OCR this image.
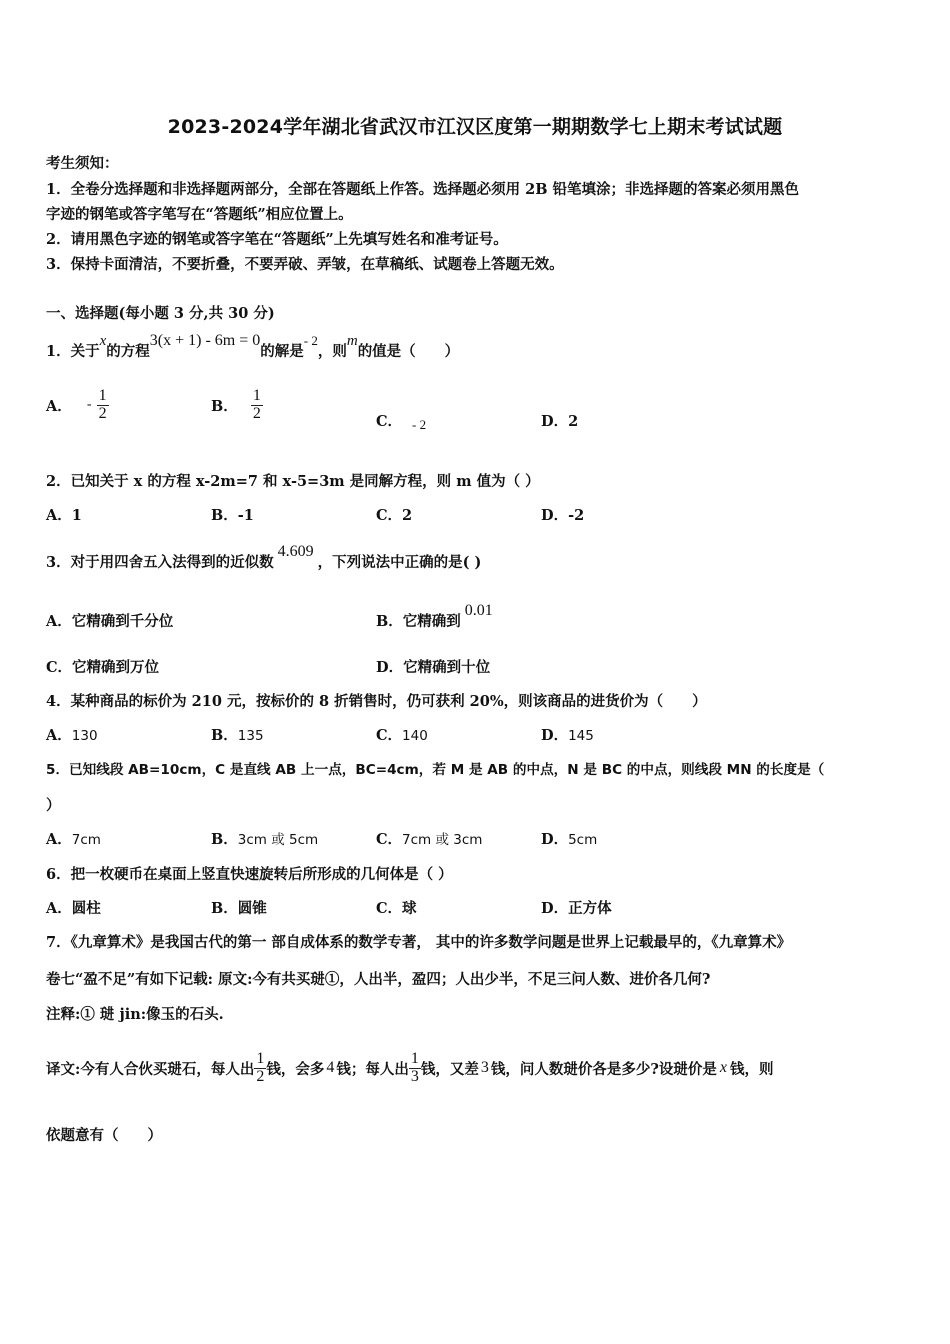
2023-2024学年湖北省武汉市江汉区度第一期期数学七上期末考试试题
考生须知：
1．全卷分选择题和非选择题两部分，全部在答题纸上作答。选择题必须用 2B 铅笔填涂；非选择题的答案必须用黑色
字迹的钢笔或答字笔写在“答题纸”相应位置上。
2．请用黑色字迹的钢笔或答字笔在“答题纸”上先填写姓名和准考证号。
3．保持卡面清洁，不要折叠，不要弄破、弄皱，在草稿纸、试题卷上答题无效。
一、选择题(每小题 3 分,共 30 分)
1．关于x的方程3(x + 1) - 6m = 0的解是- 2，则m的值是（　　）
A． - $\frac{1}{2}$	B． $\frac{1}{2}$	C． - 2	D．2
2．已知关于 x 的方程 x-2m=7 和 x-5=3m 是同解方程，则 m 值为（ ）
A．1	B．-1	C．2	D．-2
3．对于用四舍五入法得到的近似数4.609，下列说法中正确的是( )
A．它精确到千分位	B．它精确到0.01
C．它精确到万位	D．它精确到十位
4．某种商品的标价为 210 元，按标价的 8 折销售时，仍可获利 20%，则该商品的进货价为（　　）
A．130	B．135	C．140	D．145
5．已知线段 AB=10cm，C 是直线 AB 上一点，BC=4cm，若 M 是 AB 的中点，N 是 BC 的中点，则线段 MN 的长度是（
）
A．7cm	B．3cm 或 5cm	C．7cm 或 3cm	D．5cm
6．把一枚硬币在桌面上竖直快速旋转后所形成的几何体是（ ）
A．圆柱	B．圆锥	C．球	D．正方体
7．《九章算术》是我国古代的第一 部自成体系的数学专著， 其中的许多数学问题是世界上记载最早的，《九章算术》
卷七“盈不足”有如下记载: 原文:今有共买琎①，人出半，盈四；人出少半，不足三问人数、进价各几何?
注释:① 琎 jin:像玉的石头.
译文:今有人合伙买琎石，每人出 $\frac{1}{2}$ 钱，会多 4 钱；每人出 $\frac{1}{3}$ 钱，又差 3 钱，问人数琎价各是多少?设琎价是 x 钱，则
依题意有（　　）
